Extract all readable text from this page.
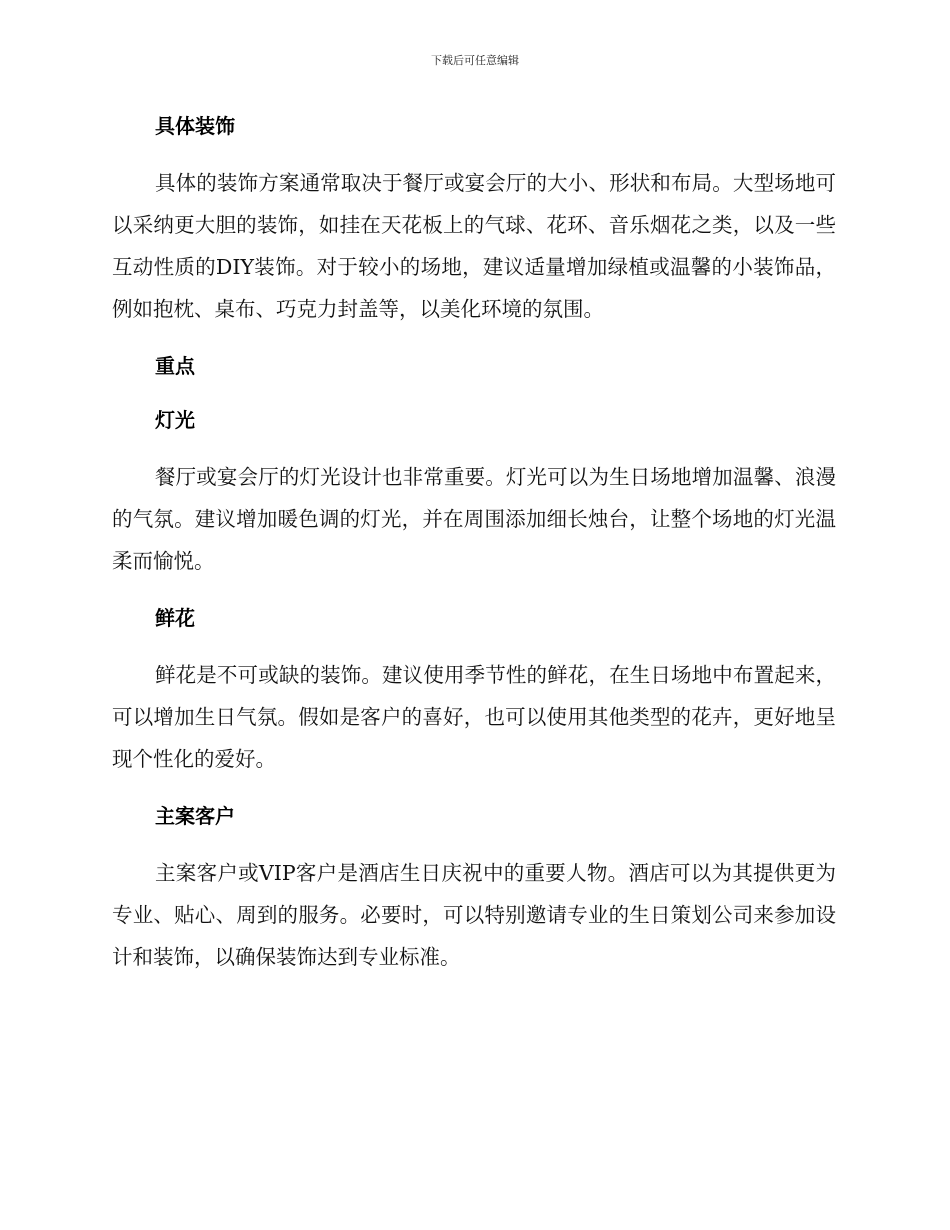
下载后可任意编辑
具体装饰

具体的装饰方案通常取决于餐厅或宴会厅的大小、形状和布局。大型场地可以采纳更大胆的装饰，如挂在天花板上的气球、花环、音乐烟花之类，以及一些互动性质的DIY装饰。对于较小的场地，建议适量增加绿植或温馨的小装饰品，例如抱枕、桌布、巧克力封盖等，以美化环境的氛围。

重点
灯光

餐厅或宴会厅的灯光设计也非常重要。灯光可以为生日场地增加温馨、浪漫的气氛。建议增加暖色调的灯光，并在周围添加细长烛台，让整个场地的灯光温柔而愉悦。

鲜花

鲜花是不可或缺的装饰。建议使用季节性的鲜花，在生日场地中布置起来，可以增加生日气氛。假如是客户的喜好，也可以使用其他类型的花卉，更好地呈现个性化的爱好。

主案客户

主案客户或VIP客户是酒店生日庆祝中的重要人物。酒店可以为其提供更为专业、贴心、周到的服务。必要时，可以特别邀请专业的生日策划公司来参加设计和装饰，以确保装饰达到专业标准。
